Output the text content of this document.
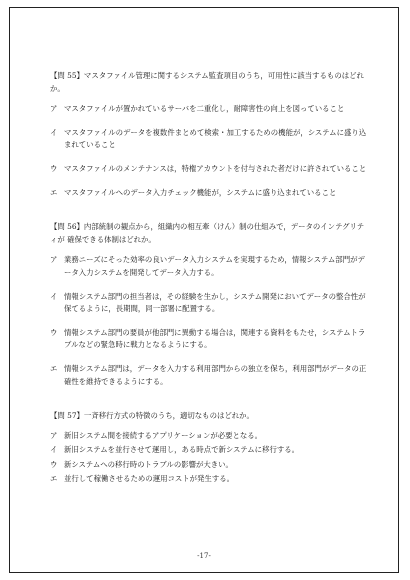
【問 55】マスタファイル管理に関するシステム監査項目のうち，可用性に該当するものはどれか。

ア マスタファイルが置かれているサーバを二重化し，耐障害性の向上を図っていること
イ マスタファイルのデータを複数件まとめて検索・加工するための機能が，システムに盛り込まれていること
ウ マスタファイルのメンテナンスは，特権アカウントを付与された者だけに許されていること
エ マスタファイルへのデータ入力チェック機能が，システムに盛り込まれていること

【問 56】内部統制の観点から，組織内の相互牽（けん）制の仕組みで，データのインテグリティが 確保できる体制はどれか。

ア 業務ニーズにそった効率の良いデータ入力システムを実現するため，情報システム部門がデータ入力システムを開発してデータ入力する。
イ 情報システム部門の担当者は，その経験を生かし，システム開発においてデータの整合性が保てるように，長期間，同一部署に配置する。
ウ 情報システム部門の要員が他部門に異動する場合は，関連する資料をもたせ，システムトラブルなどの緊急時に戦力となるようにする。
エ 情報システム部門は，データを入力する利用部門からの独立を保ち，利用部門がデータの正確性を維持できるようにする。

【問 57】一斉移行方式の特徴のうち，適切なものはどれか。

ア 新旧システム間を接続するアプリケーションが必要となる。
イ 新旧システムを並行させて運用し，ある時点で新システムに移行する。
ウ 新システムへの移行時のトラブルの影響が大きい。
エ 並行して稼働させるための運用コストが発生する。
-17-
